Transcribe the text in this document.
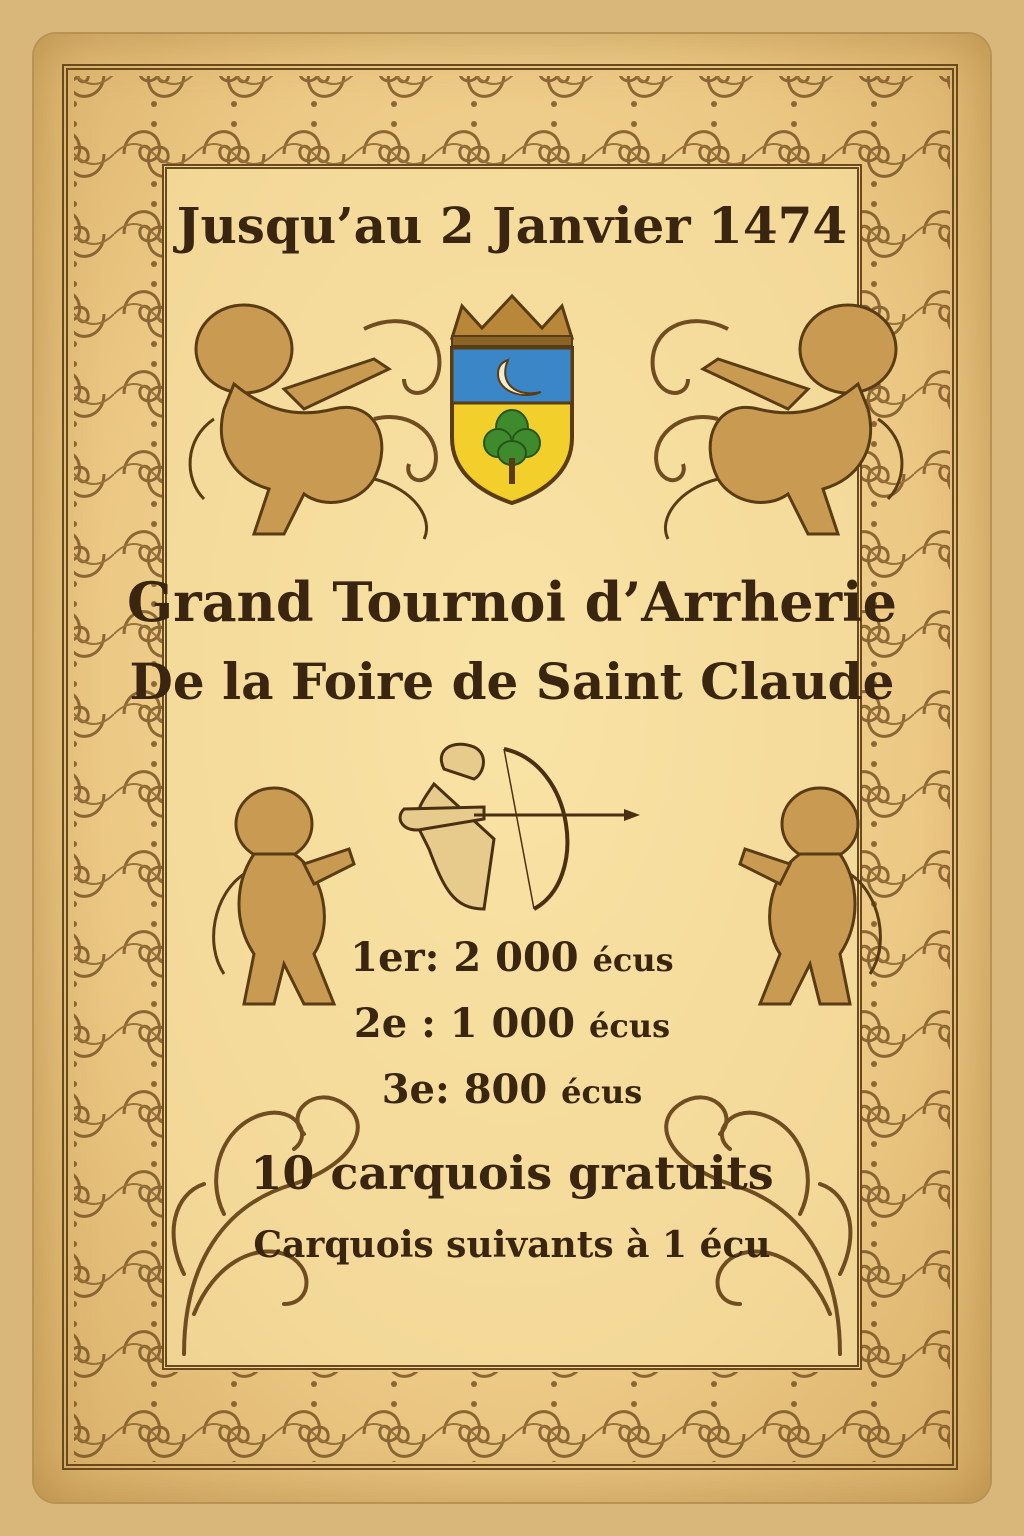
Jusqu’au 2 Janvier 1474
Grand Tournoi d’Arrherie
De la Foire de Saint Claude
1er: 2 000 écus
2e : 1 000 écus
3e: 800 écus
10 carquois gratuits
Carquois suivants à 1 écu
